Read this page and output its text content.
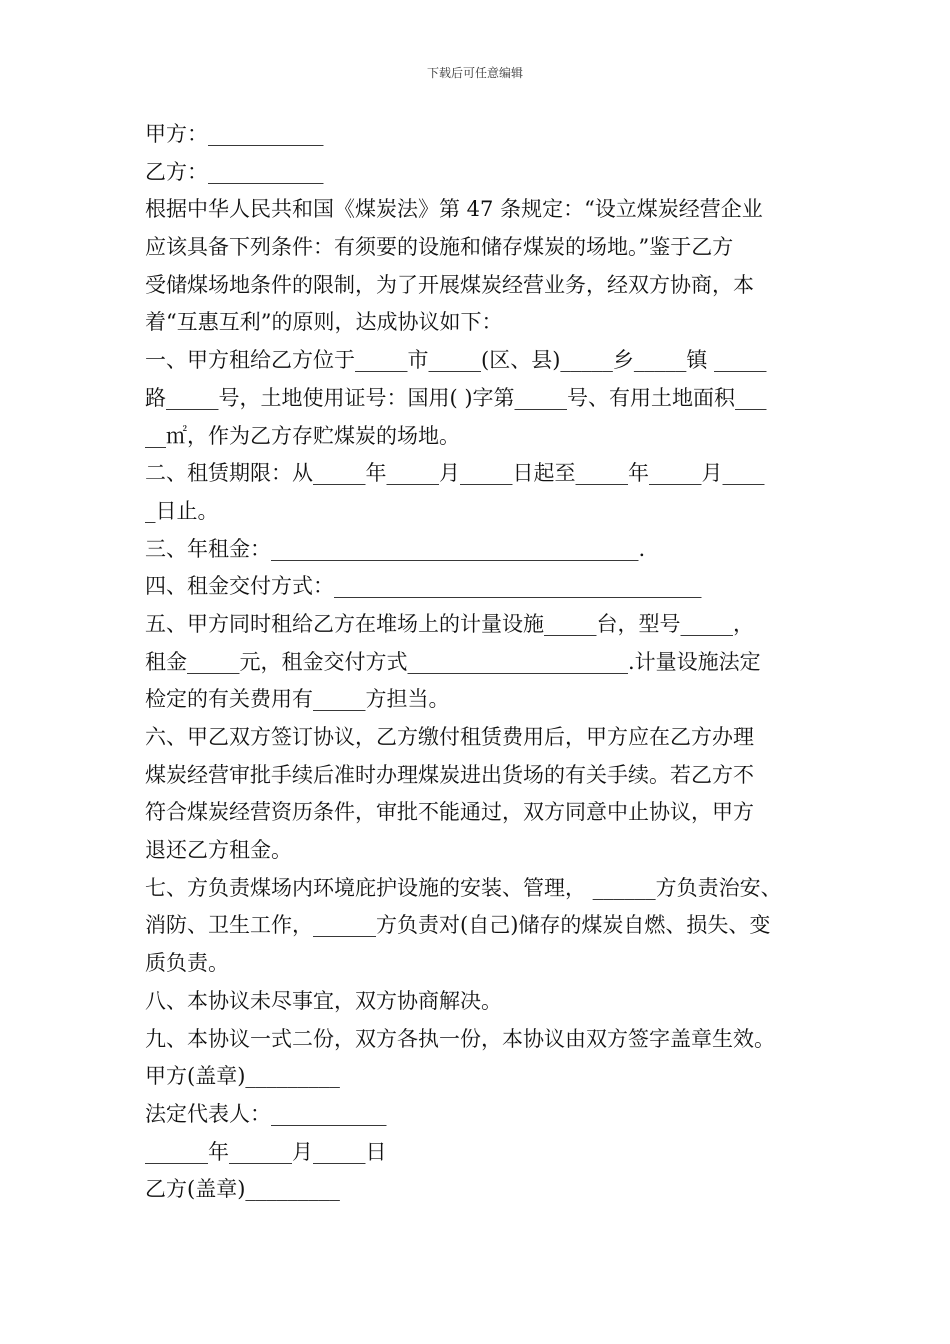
下载后可任意编辑
甲方：___________
乙方：___________
根据中华人民共和国《煤炭法》第 47 条规定：“设立煤炭经营企业
应该具备下列条件：有须要的设施和储存煤炭的场地。”鉴于乙方
受储煤场地条件的限制，为了开展煤炭经营业务，经双方协商，本
着“互惠互利”的原则，达成协议如下：
一、甲方租给乙方位于_____市_____(区、县)_____乡_____镇 _____
路_____号，土地使用证号：国用( )字第_____号、有用土地面积___
__㎡，作为乙方存贮煤炭的场地。
二、租赁期限：从_____年_____月_____日起至_____年_____月____
_日止。
三、年租金：___________________________________.
四、租金交付方式：___________________________________
五、甲方同时租给乙方在堆场上的计量设施_____台，型号_____，
租金_____元，租金交付方式_____________________.计量设施法定
检定的有关费用有_____方担当。
六、甲乙双方签订协议，乙方缴付租赁费用后，甲方应在乙方办理
煤炭经营审批手续后准时办理煤炭进出货场的有关手续。若乙方不
符合煤炭经营资历条件，审批不能通过，双方同意中止协议，甲方
退还乙方租金。
七、方负责煤场内环境庇护设施的安装、管理， ______方负责治安、
消防、卫生工作，______方负责对(自己)储存的煤炭自燃、损失、变
质负责。
八、本协议未尽事宜，双方协商解决。
九、本协议一式二份，双方各执一份，本协议由双方签字盖章生效。
甲方(盖章)_________
法定代表人：___________
______年______月_____日
乙方(盖章)_________
